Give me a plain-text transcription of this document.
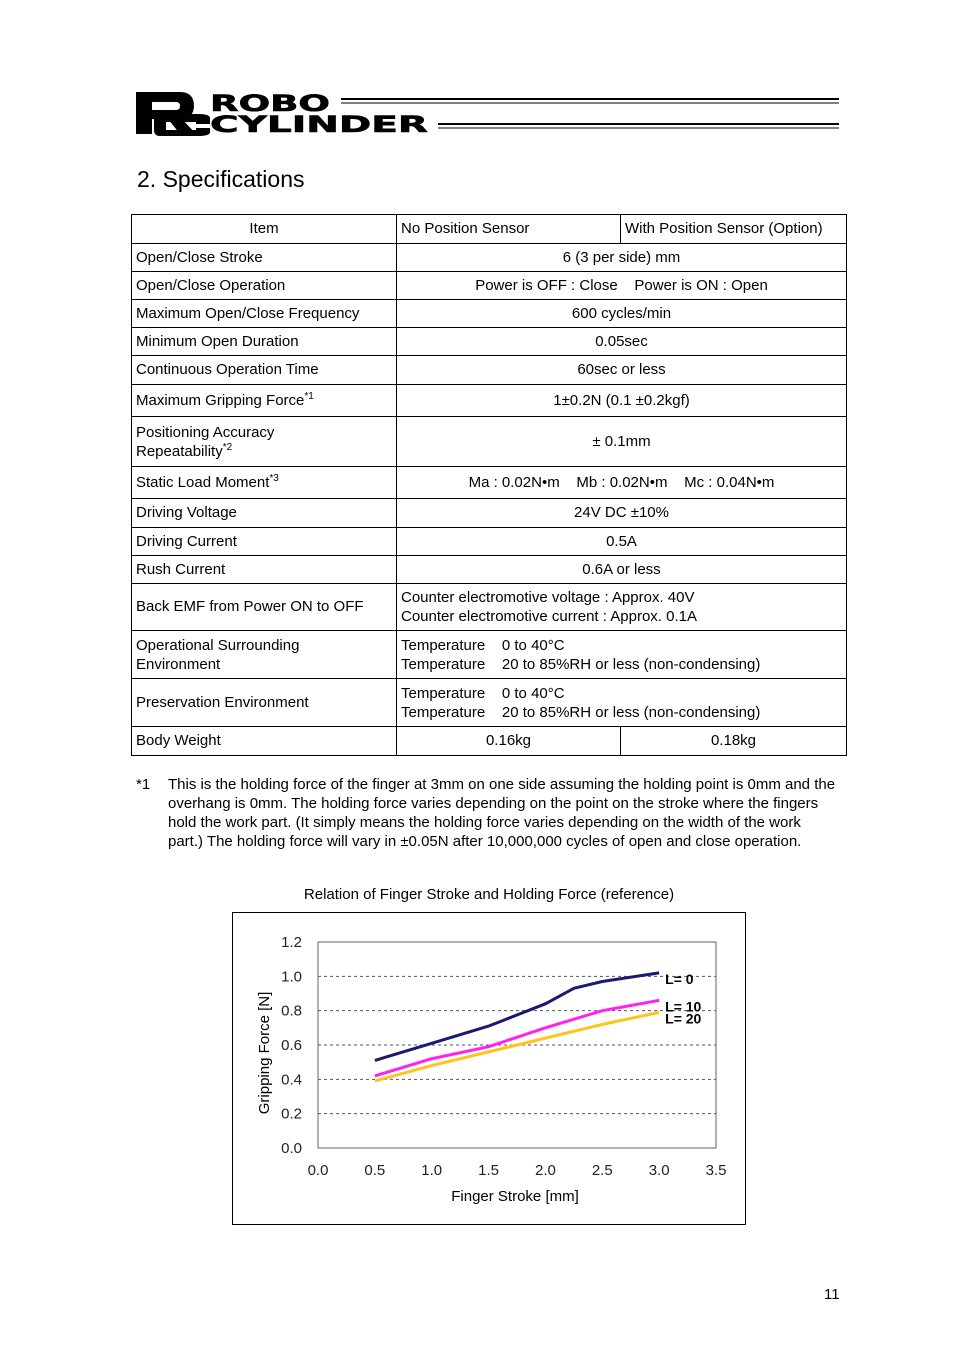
ROBO
CYLINDER
2. Specifications
Item	No Position Sensor	With Position Sensor (Option)
Open/Close Stroke	6 (3 per side) mm	
Open/Close Operation	Power is OFF : Close    Power is ON : Open	
Maximum Open/Close Frequency	600 cycles/min	
Minimum Open Duration	0.05sec	
Continuous Operation Time	60sec or less	
Maximum Gripping Force$^{*1}$	1±0.2N (0.1 ±0.2kgf)	
Positioning Accuracy
Repeatability$^{*2}$	± 0.1mm	
Static Load Moment$^{*3}$	Ma : 0.02N•m    Mb : 0.02N•m    Mc : 0.04N•m	
Driving Voltage	24V DC ±10%	
Driving Current	0.5A	
Rush Current	0.6A or less	
Back EMF from Power ON to OFF	Counter electromotive voltage : Approx. 40V
Counter electromotive current : Approx. 0.1A	
Operational Surrounding
Environment	Temperature    0 to 40°C
Temperature    20 to 85%RH or less (non-condensing)	
Preservation Environment	Temperature    0 to 40°C
Temperature    20 to 85%RH or less (non-condensing)	
Body Weight	0.16kg	0.18kg
*1 This is the holding force of the finger at 3mm on one side assuming the holding point is 0mm and the overhang is 0mm. The holding force varies depending on the point on the stroke where the fingers hold the work part. (It simply means the holding force varies depending on the width of the work part.) The holding force will vary in ±0.05N after 10,000,000 cycles of open and close operation.
Relation of Finger Stroke and Holding Force (reference)
0.0
0.2
0.4
0.6
0.8
1.0
1.2
0.0 0.5 1.0 1.5 2.0 2.5 3.0 3.5
L= 0
L= 10
L= 20
Finger Stroke [mm]
Gripping Force [N]
11
